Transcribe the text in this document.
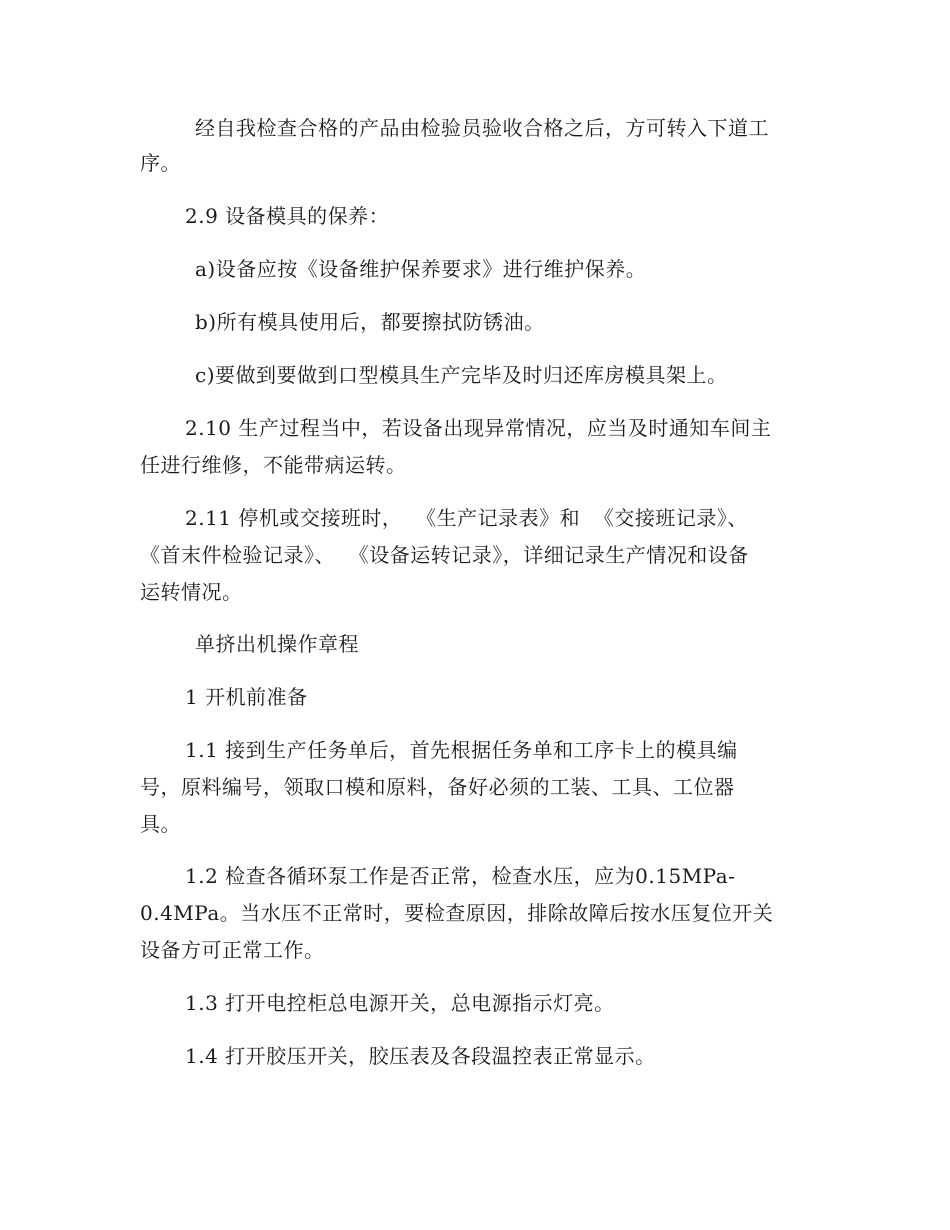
经自我检查合格的产品由检验员验收合格之后，方可转入下道工
序。
2.9 设备模具的保养：
a)设备应按《设备维护保养要求》进行维护保养。
b)所有模具使用后，都要擦拭防锈油。
c)要做到要做到口型模具生产完毕及时归还库房模具架上。
2.10 生产过程当中，若设备出现异常情况，应当及时通知车间主
任进行维修，不能带病运转。
2.11 停机或交接班时，  《生产记录表》和  《交接班记录》、
《首末件检验记录》、  《设备运转记录》，详细记录生产情况和设备
运转情况。
单挤出机操作章程
1 开机前准备
1.1 接到生产任务单后，首先根据任务单和工序卡上的模具编
号，原料编号，领取口模和原料，备好必须的工装、工具、工位器
具。
1.2 检查各循环泵工作是否正常，检查水压，应为0.15MPa-
0.4MPa。当水压不正常时，要检查原因，排除故障后按水压复位开关
设备方可正常工作。
1.3 打开电控柜总电源开关，总电源指示灯亮。
1.4 打开胶压开关，胶压表及各段温控表正常显示。
